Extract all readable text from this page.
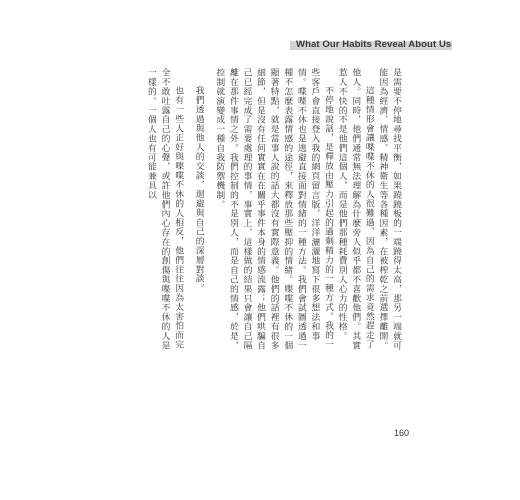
What Our Habits Reveal About Us

是需要不停地尋找平衡，如果蹺蹺板的一端蹺得太高，那另一端就可能因為經濟、情感、精神衛生等各種因素，在被榨乾之前選擇離開。

這種情形會讓喋喋不休的人很難過，因為自己的需求竟然趕走了他人。同時，他們通常無法理解為什麼旁人似乎都不喜歡他們。其實惹人不快的不是他們這個人，而是他們那種耗費別人心力的性格。

不停地說話，是釋放由壓力引起的過剩精力的一種方式。我的一些客戶會直接登入我的網頁留言版，洋洋灑灑地寫下很多想法和事情。喋喋不休也是逃避直接面對情緒的一種方法。我們會試圖透過一種不怎麼表露情感的途徑，來釋放那些壓抑的情緒。喋喋不休的一個顯著特點，就是當事人說的話大都沒有實際意義。他們的話裡有很多細節，但是沒有任何實實在在關乎事件本身的情感流露；他們哄騙自己已經完成了需要處理的事情，事實上，這樣做的結果只會讓自己隔離在那件事情之外。我們控制的不是別人，而是自己的情感，於是，控制就演變成一種自我防禦機制。

我們透過與他人的交談，迴避與自己的深層對談。

也有一些人正好與喋喋不休的人相反，他們往往因為太害怕而完全不敢吐露自己的心聲，或許他們內心存在的創傷與喋喋不休的人是一樣的。一個人也有可能兼具以

160
